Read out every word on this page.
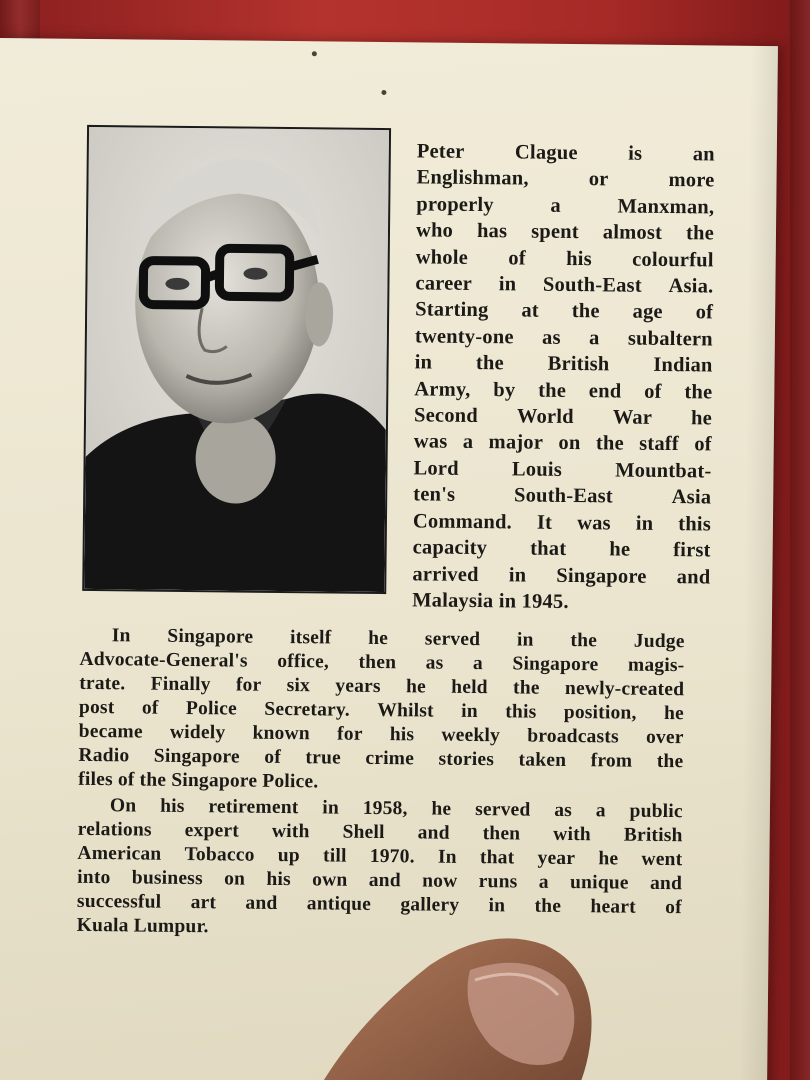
Peter Clague is an
Englishman,	or	more
properly	a	Manxman,
who has spent almost the
whole of his colourful
career in South-East Asia.
Starting at the age of
twenty-one as a subaltern
in the British Indian
Army, by the end of the
Second World War he
was a major on the staff of
Lord	Louis	Mountbat-
ten's	South-East	Asia
Command. It was in this
capacity that he first
arrived in Singapore and
Malaysia in 1945.
In Singapore itself he served in the Judge
Advocate-General's office, then as a Singapore magis-
trate. Finally for six years he held the newly-created
post of Police Secretary. Whilst in this position, he
became widely known for his weekly broadcasts over
Radio Singapore of true crime stories taken from the
files of the Singapore Police.
On his retirement in 1958, he served as a public
relations expert with Shell and then with British
American Tobacco up till 1970. In that year he went
into business on his own and now runs a unique and
successful art and antique gallery in the heart of
Kuala Lumpur.
